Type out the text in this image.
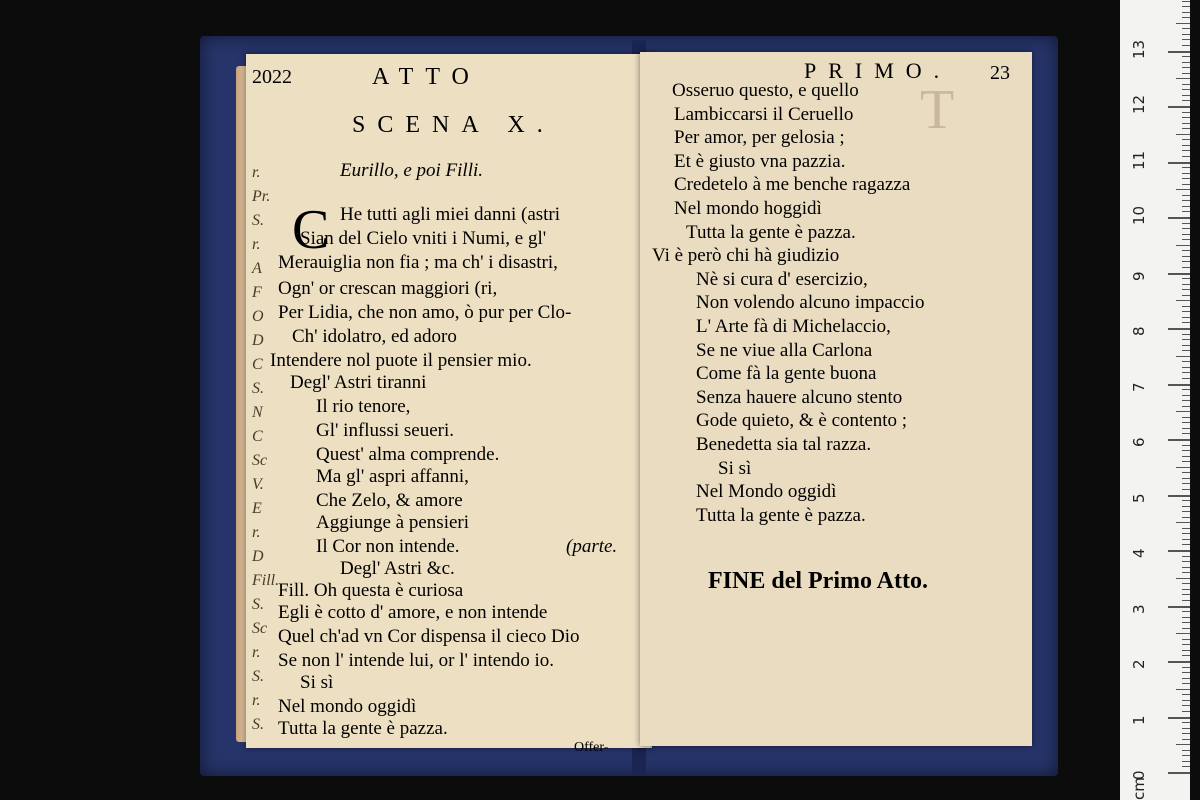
2022	ATTO
SCENA X.
Eurillo, e poi Filli.
C He tutti agli miei danni (astri
Sian del Cielo vniti i Numi, e gl'
Merauiglia non fia ; ma ch' i disastri,
Ogn' or crescan maggiori (ri,
Per Lidia, che non amo, ò pur per Clo-
Ch' idolatro, ed adoro
Intendere nol puote il pensier mio.
Degl' Astri tiranni
Il rio tenore,
Gl' influssi seueri.
Quest' alma comprende.
Ma gl' aspri affanni,
Che Zelo, & amore
Aggiunge à pensieri
Il Cor non intende.	(parte.
Degl' Astri &c.
Fill. Oh questa è curiosa
Egli è cotto d' amore, e non intende
Quel ch'ad vn Cor dispensa il cieco Dio
Se non l' intende lui, or l' intendo io.
Si sì
Nel mondo oggidì
Tutta la gente è pazza.
Offer-
r.
Pr.
S.
r.
A
F
O
D
C
S.
N
C
Sc
V.
E
r.
D
Fill.
S.
Sc
r.
S.
r.
S.
PRIMO. 23
Osseruo questo, e quello
Lambiccarsi il Ceruello
Per amor, per gelosia ;
Et è giusto vna pazzia.
Credetelo à me benche ragazza
Nel mondo hoggidì
Tutta la gente è pazza.
Vi è però chi hà giudizio
Nè si cura d' esercizio,
Non volendo alcuno impaccio
L' Arte fà di Michelaccio,
Se ne viue alla Carlona
Come fà la gente buona
Senza hauere alcuno stento
Gode quieto, & è contento ;
Benedetta sia tal razza.
Si sì
Nel Mondo oggidì
Tutta la gente è pazza.
FINE del Primo Atto.
T
0
1
2
3
4
5
6
7
8
9
10
11
12
13
cm
